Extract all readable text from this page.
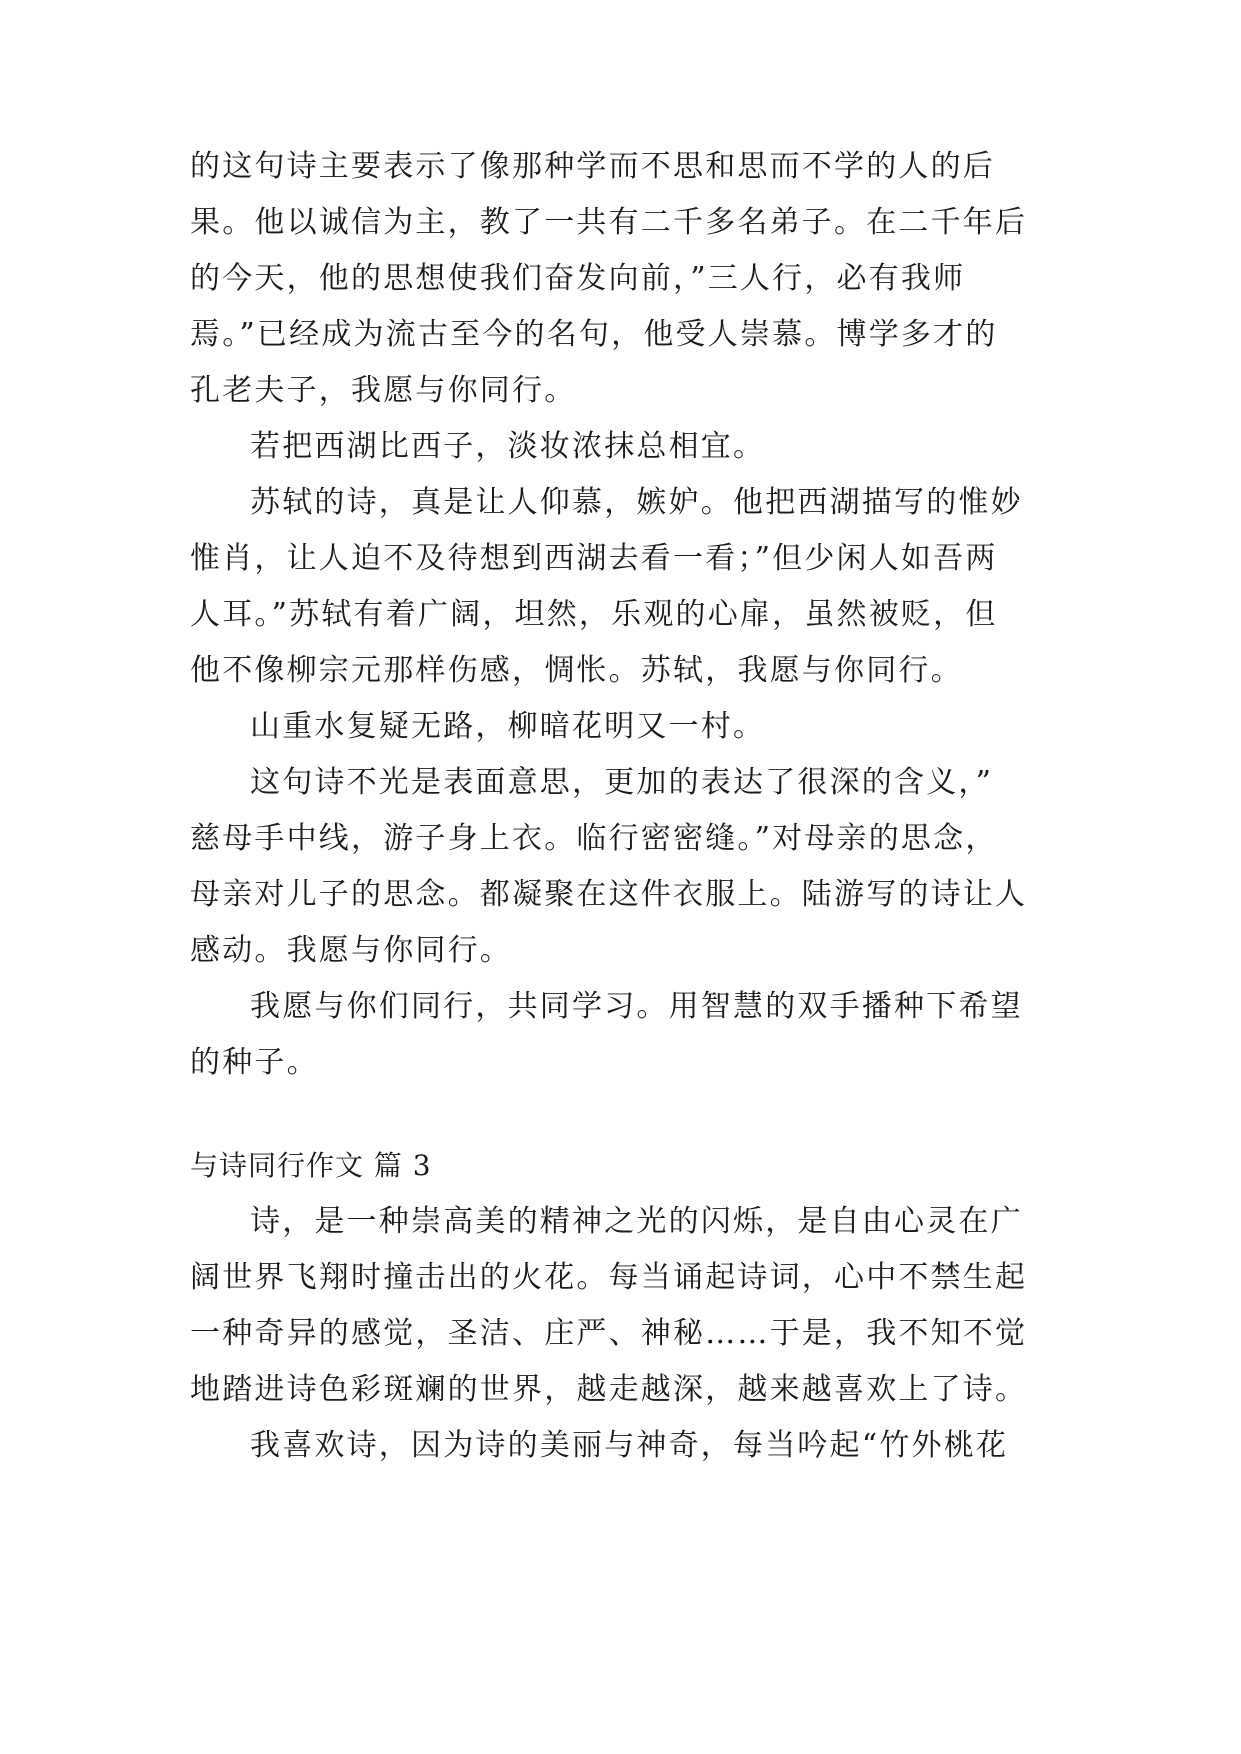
的这句诗主要表示了像那种学而不思和思而不学的人的后
果。他以诚信为主，教了一共有二千多名弟子。在二千年后
的今天，他的思想使我们奋发向前，”三人行，必有我师
焉。”已经成为流古至今的名句，他受人崇慕。博学多才的
孔老夫子，我愿与你同行。
若把西湖比西子，淡妆浓抹总相宜。
苏轼的诗，真是让人仰慕，嫉妒。他把西湖描写的惟妙
惟肖，让人迫不及待想到西湖去看一看；”但少闲人如吾两
人耳。”苏轼有着广阔，坦然，乐观的心扉，虽然被贬，但
他不像柳宗元那样伤感，惆怅。苏轼，我愿与你同行。
山重水复疑无路，柳暗花明又一村。
这句诗不光是表面意思，更加的表达了很深的含义，”
慈母手中线，游子身上衣。临行密密缝。”对母亲的思念，
母亲对儿子的思念。都凝聚在这件衣服上。陆游写的诗让人
感动。我愿与你同行。
我愿与你们同行，共同学习。用智慧的双手播种下希望
的种子。
与诗同行作文 篇 3
诗，是一种崇高美的精神之光的闪烁，是自由心灵在广
阔世界飞翔时撞击出的火花。每当诵起诗词，心中不禁生起
一种奇异的感觉，圣洁、庄严、神秘……于是，我不知不觉
地踏进诗色彩斑斓的世界，越走越深，越来越喜欢上了诗。
我喜欢诗，因为诗的美丽与神奇，每当吟起“竹外桃花
